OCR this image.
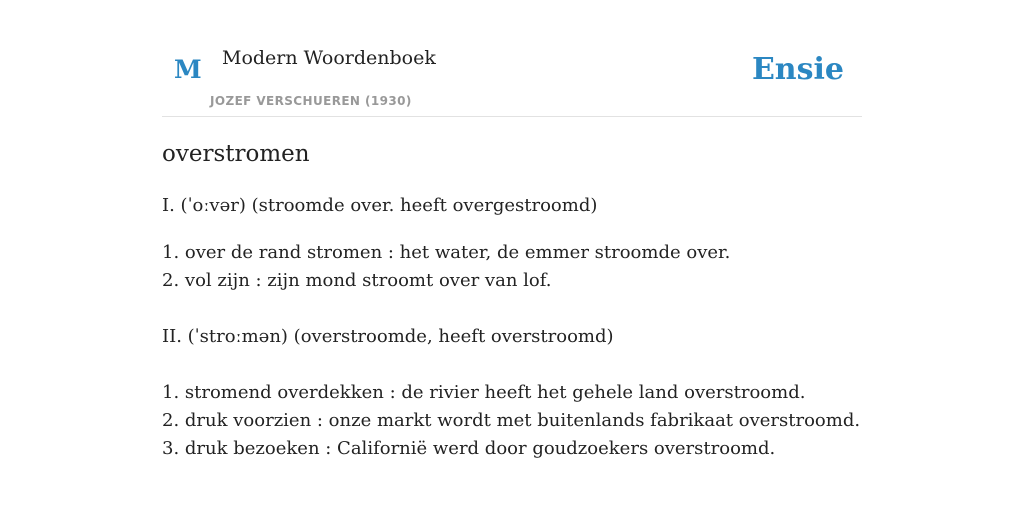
M Modern Woordenboek
JOZEF VERSCHUEREN (1930)
Ensie
overstromen
I. (ˈoːvər) (stroomde over. heeft overgestroomd)
1. over de rand stromen : het water, de emmer stroomde over.
2. vol zijn : zijn mond stroomt over van lof.
II. (ˈstroːmən) (overstroomde, heeft overstroomd)
1. stromend overdekken : de rivier heeft het gehele land overstroomd.
2. druk voorzien : onze markt wordt met buitenlands fabrikaat overstroomd.
3. druk bezoeken : Californië werd door goudzoekers overstroomd.
